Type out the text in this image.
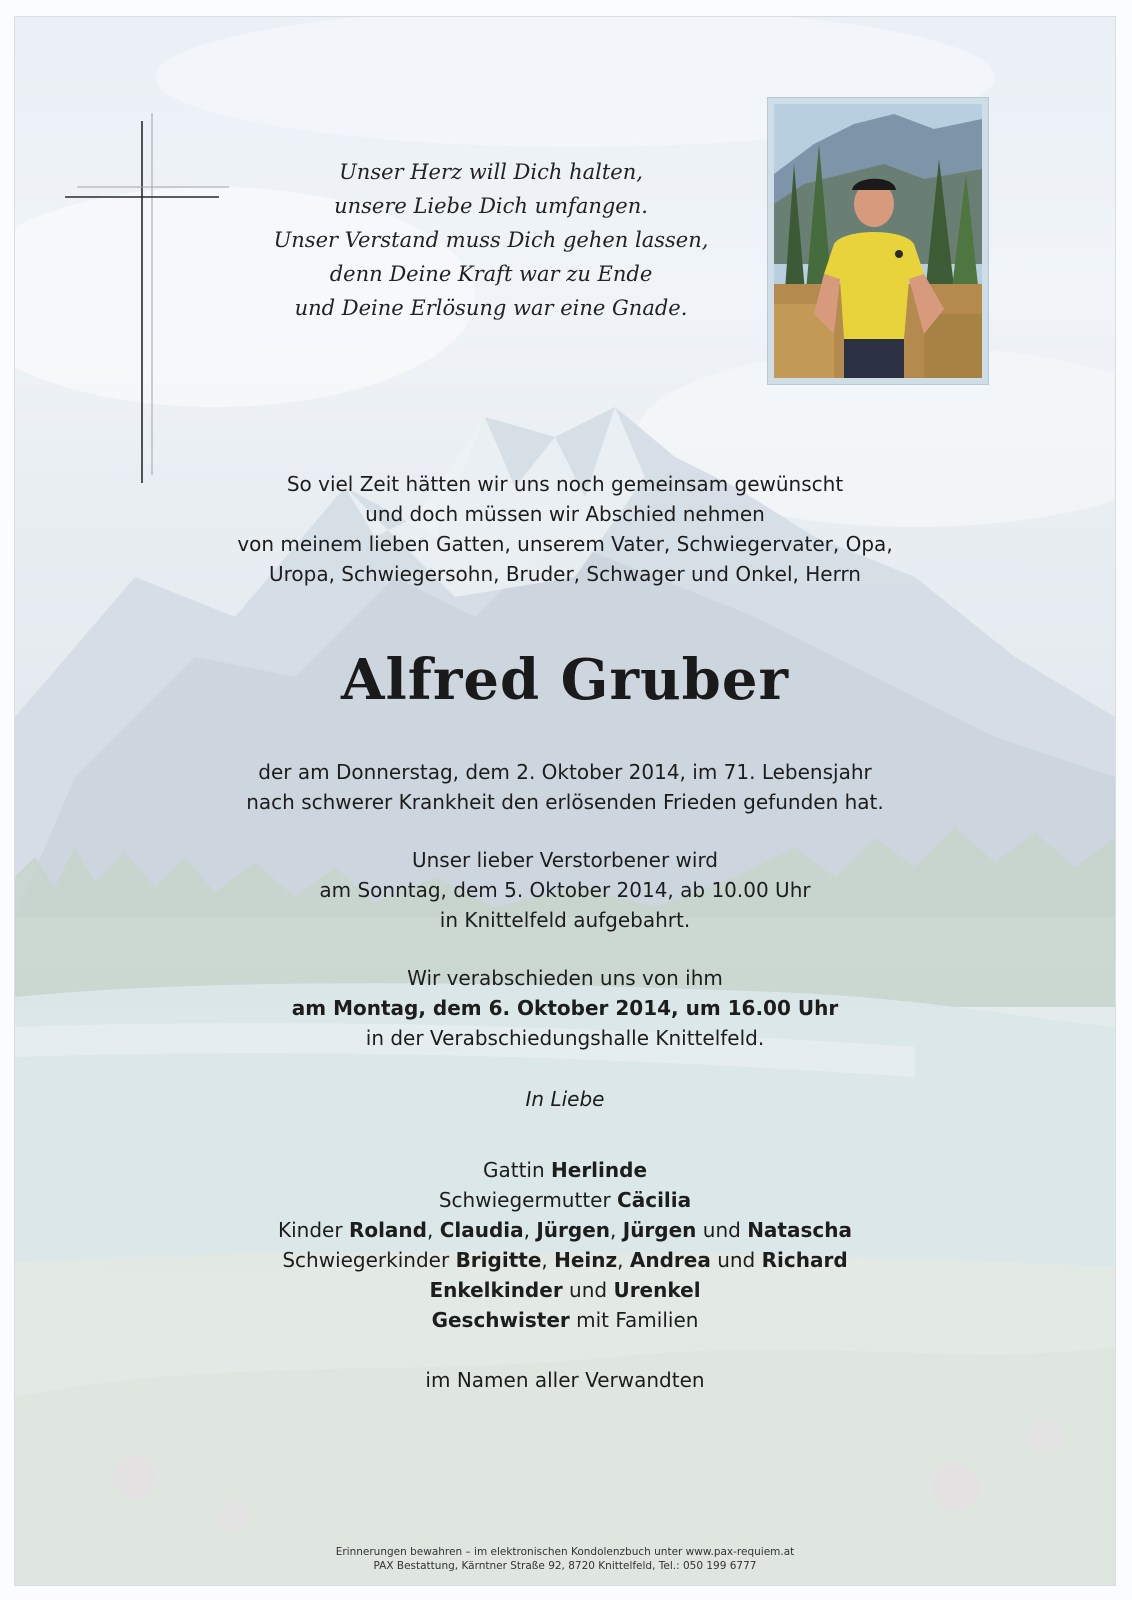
Unser Herz will Dich halten,
unsere Liebe Dich umfangen.
Unser Verstand muss Dich gehen lassen,
denn Deine Kraft war zu Ende
und Deine Erlösung war eine Gnade.
So viel Zeit hätten wir uns noch gemeinsam gewünscht
und doch müssen wir Abschied nehmen
von meinem lieben Gatten, unserem Vater, Schwiegervater, Opa,
Uropa, Schwiegersohn, Bruder, Schwager und Onkel, Herrn
Alfred Gruber
der am Donnerstag, dem 2. Oktober 2014, im 71. Lebensjahr
nach schwerer Krankheit den erlösenden Frieden gefunden hat.
Unser lieber Verstorbener wird
am Sonntag, dem 5. Oktober 2014, ab 10.00 Uhr
in Knittelfeld aufgebahrt.
Wir verabschieden uns von ihm
am Montag, dem 6. Oktober 2014, um 16.00 Uhr
in der Verabschiedungshalle Knittelfeld.
In Liebe
Gattin Herlinde
Schwiegermutter Cäcilia
Kinder Roland, Claudia, Jürgen, Jürgen und Natascha
Schwiegerkinder Brigitte, Heinz, Andrea und Richard
Enkelkinder und Urenkel
Geschwister mit Familien
im Namen aller Verwandten
Erinnerungen bewahren – im elektronischen Kondolenzbuch unter www.pax-requiem.at
PAX Bestattung, Kärntner Straße 92, 8720 Knittelfeld, Tel.: 050 199 6777
